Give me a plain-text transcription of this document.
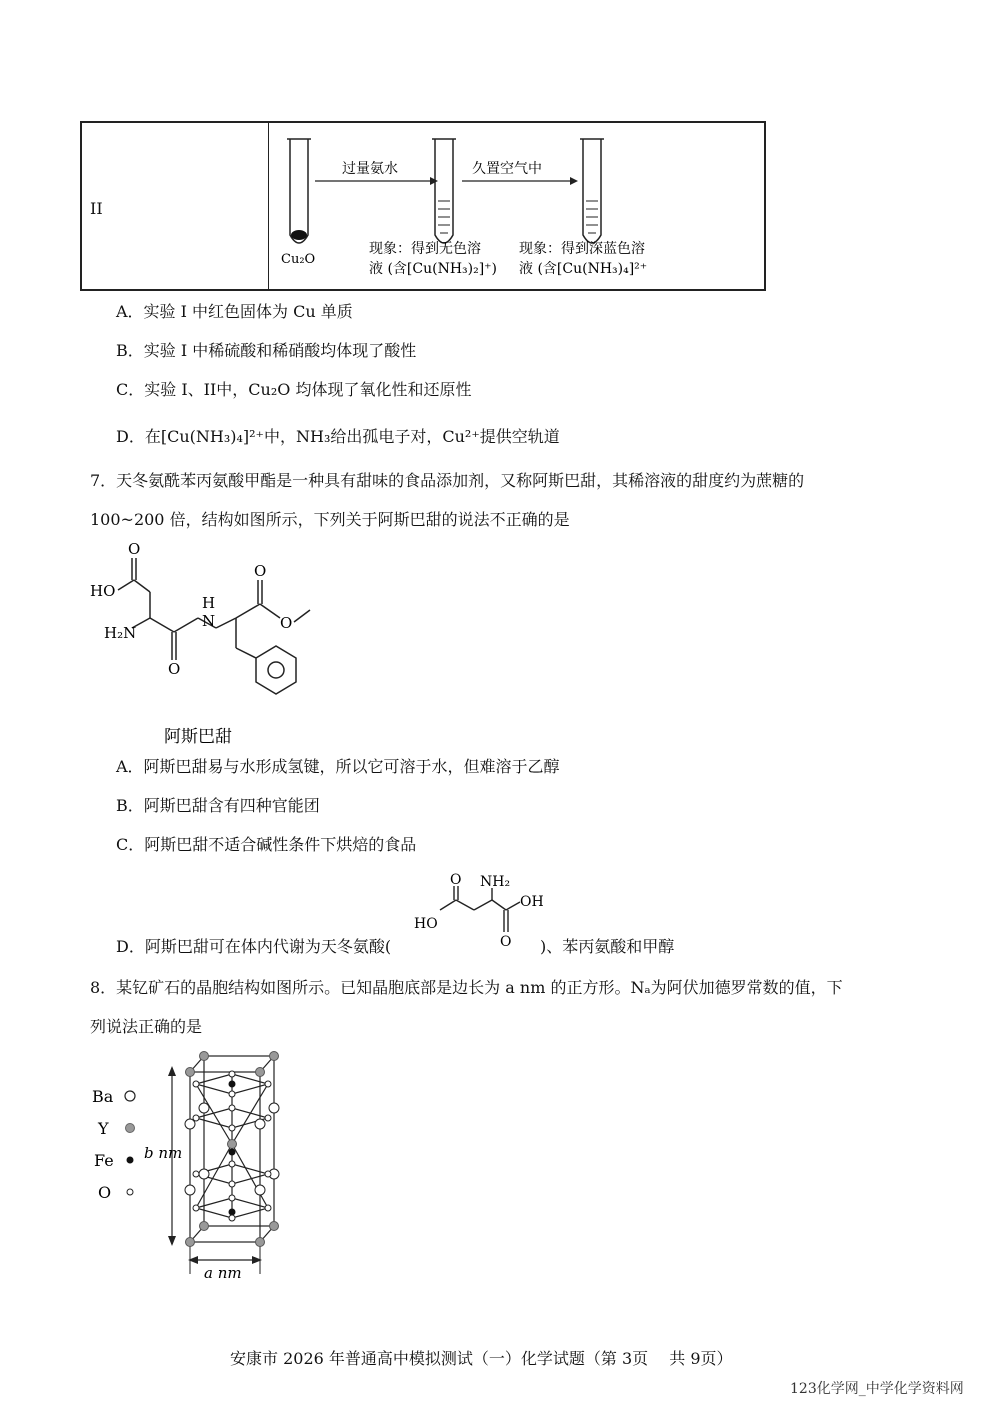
II
Cu₂O
过量氨水	久置空气中
现象：得到无色溶
液 (含[Cu(NH₃)₂]⁺)
现象：得到深蓝色溶
液 (含[Cu(NH₃)₄]²⁺
A．实验 I 中红色固体为 Cu 单质
B．实验 I 中稀硫酸和稀硝酸均体现了酸性
C．实验 I、II中，Cu₂O 均体现了氧化性和还原性
D．在[Cu(NH₃)₄]²⁺中，NH₃给出孤电子对，Cu²⁺提供空轨道
7．天冬氨酰苯丙氨酸甲酯是一种具有甜味的食品添加剂，又称阿斯巴甜，其稀溶液的甜度约为蔗糖的
100~200 倍，结构如图所示，下列关于阿斯巴甜的说法不正确的是
O
HO
H₂N
O
H
N
O
O
阿斯巴甜
A．阿斯巴甜易与水形成氢键，所以它可溶于水，但难溶于乙醇
B．阿斯巴甜含有四种官能团
C．阿斯巴甜不适合碱性条件下烘焙的食品
O NH₂
OH
HO
O
D．阿斯巴甜可在体内代谢为天冬氨酸(	)、苯丙氨酸和甲醇
8．某钇矿石的晶胞结构如图所示。已知晶胞底部是边长为 a nm 的正方形。Nₐ为阿伏加德罗常数的值，下
列说法正确的是
Ba
Y
Fe
O
b nm
a nm
安康市 2026 年普通高中模拟测试（一）化学试题（第 3页　 共 9页）
123化学网_中学化学资料网
